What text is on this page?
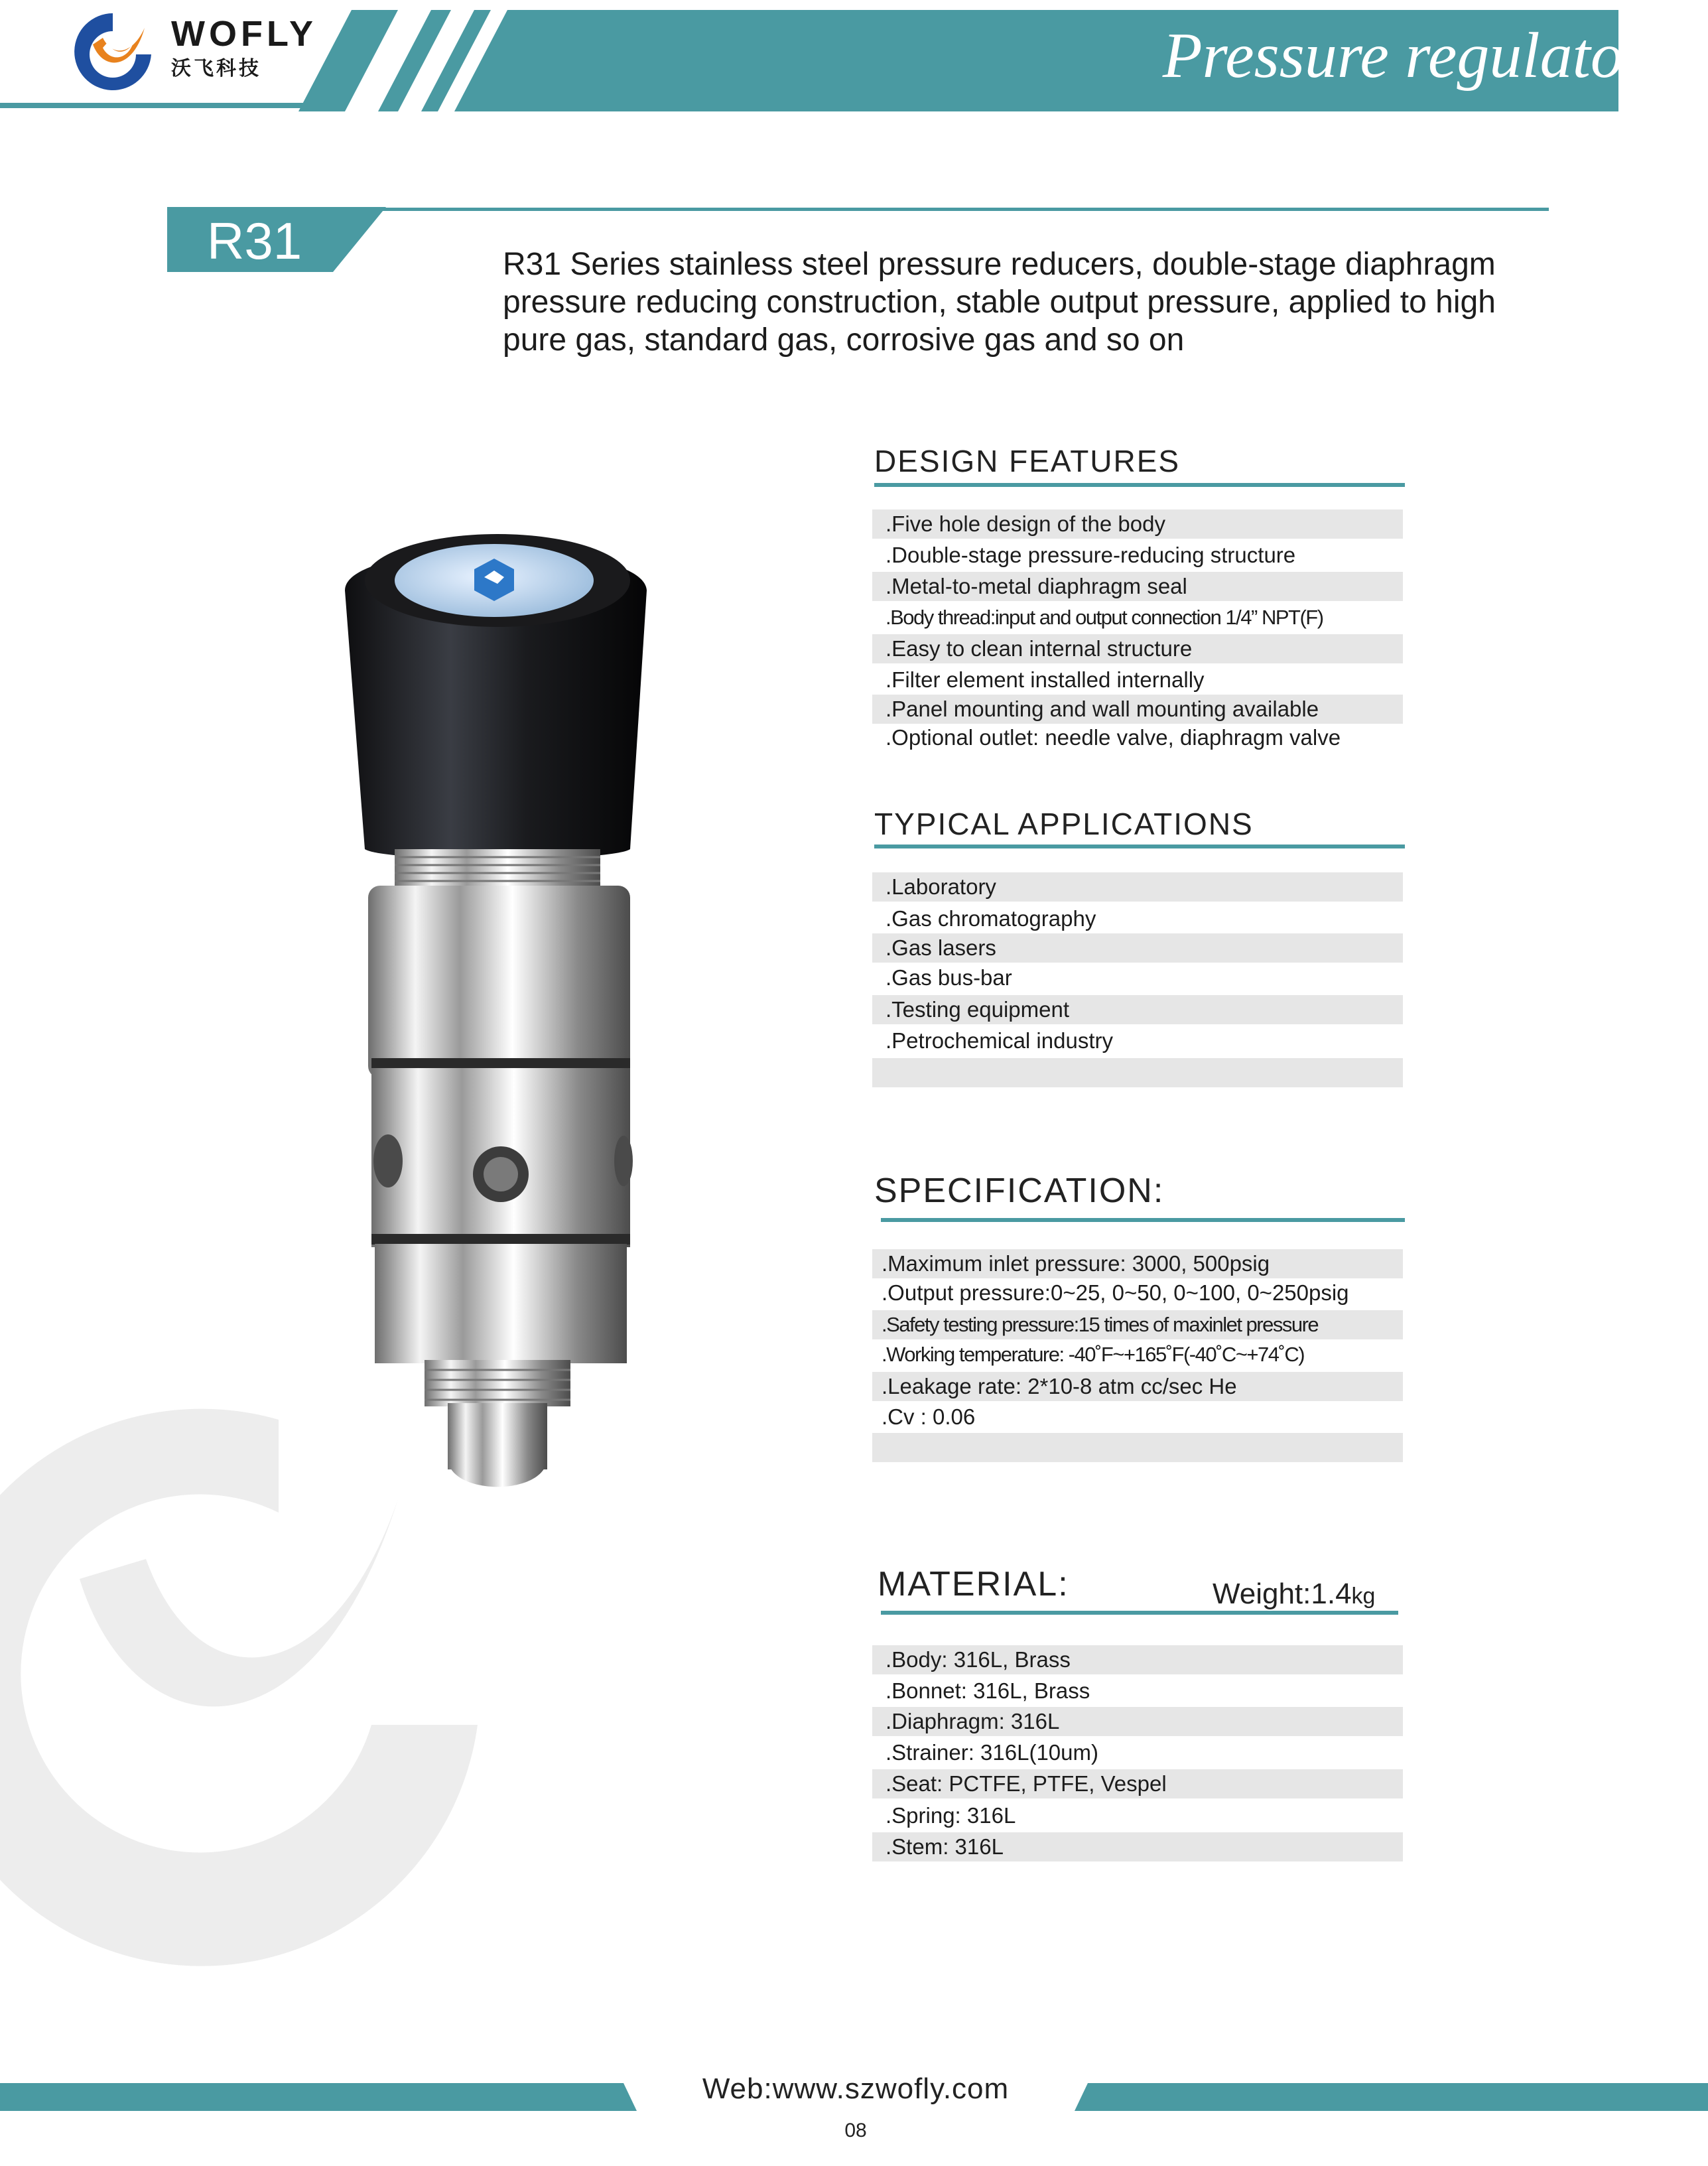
WOFLY
沃飞科技	Pressure regulator
R31	R31 Series stainless steel pressure reducers, double-stage diaphragm pressure reducing construction, stable output pressure, applied to high pure gas, standard gas, corrosive gas and so on
DESIGN FEATURES
.Five hole design of the body
.Double-stage pressure-reducing structure
.Metal-to-metal diaphragm seal
.Body thread:input and output connection 1/4” NPT(F)
.Easy to clean internal structure
.Filter element installed internally
.Panel mounting and wall mounting available
.Optional outlet: needle valve, diaphragm valve
TYPICAL APPLICATIONS
.Laboratory
.Gas chromatography
.Gas lasers
.Gas bus-bar
.Testing equipment
.Petrochemical industry
SPECIFICATION:
.Maximum inlet pressure: 3000, 500psig
.Output pressure:0~25, 0~50, 0~100, 0~250psig
.Safety testing pressure:15 times of maxinlet pressure
.Working temperature: -40˚F~+165˚F(-40˚C~+74˚C)
.Leakage rate: 2*10-8 atm cc/sec He
.Cv : 0.06
MATERIAL:	Weight:1.4kg
.Body: 316L, Brass
.Bonnet: 316L, Brass
.Diaphragm: 316L
.Strainer: 316L(10um)
.Seat: PCTFE, PTFE, Vespel
.Spring: 316L
.Stem: 316L
Web:www.szwofly.com
08
